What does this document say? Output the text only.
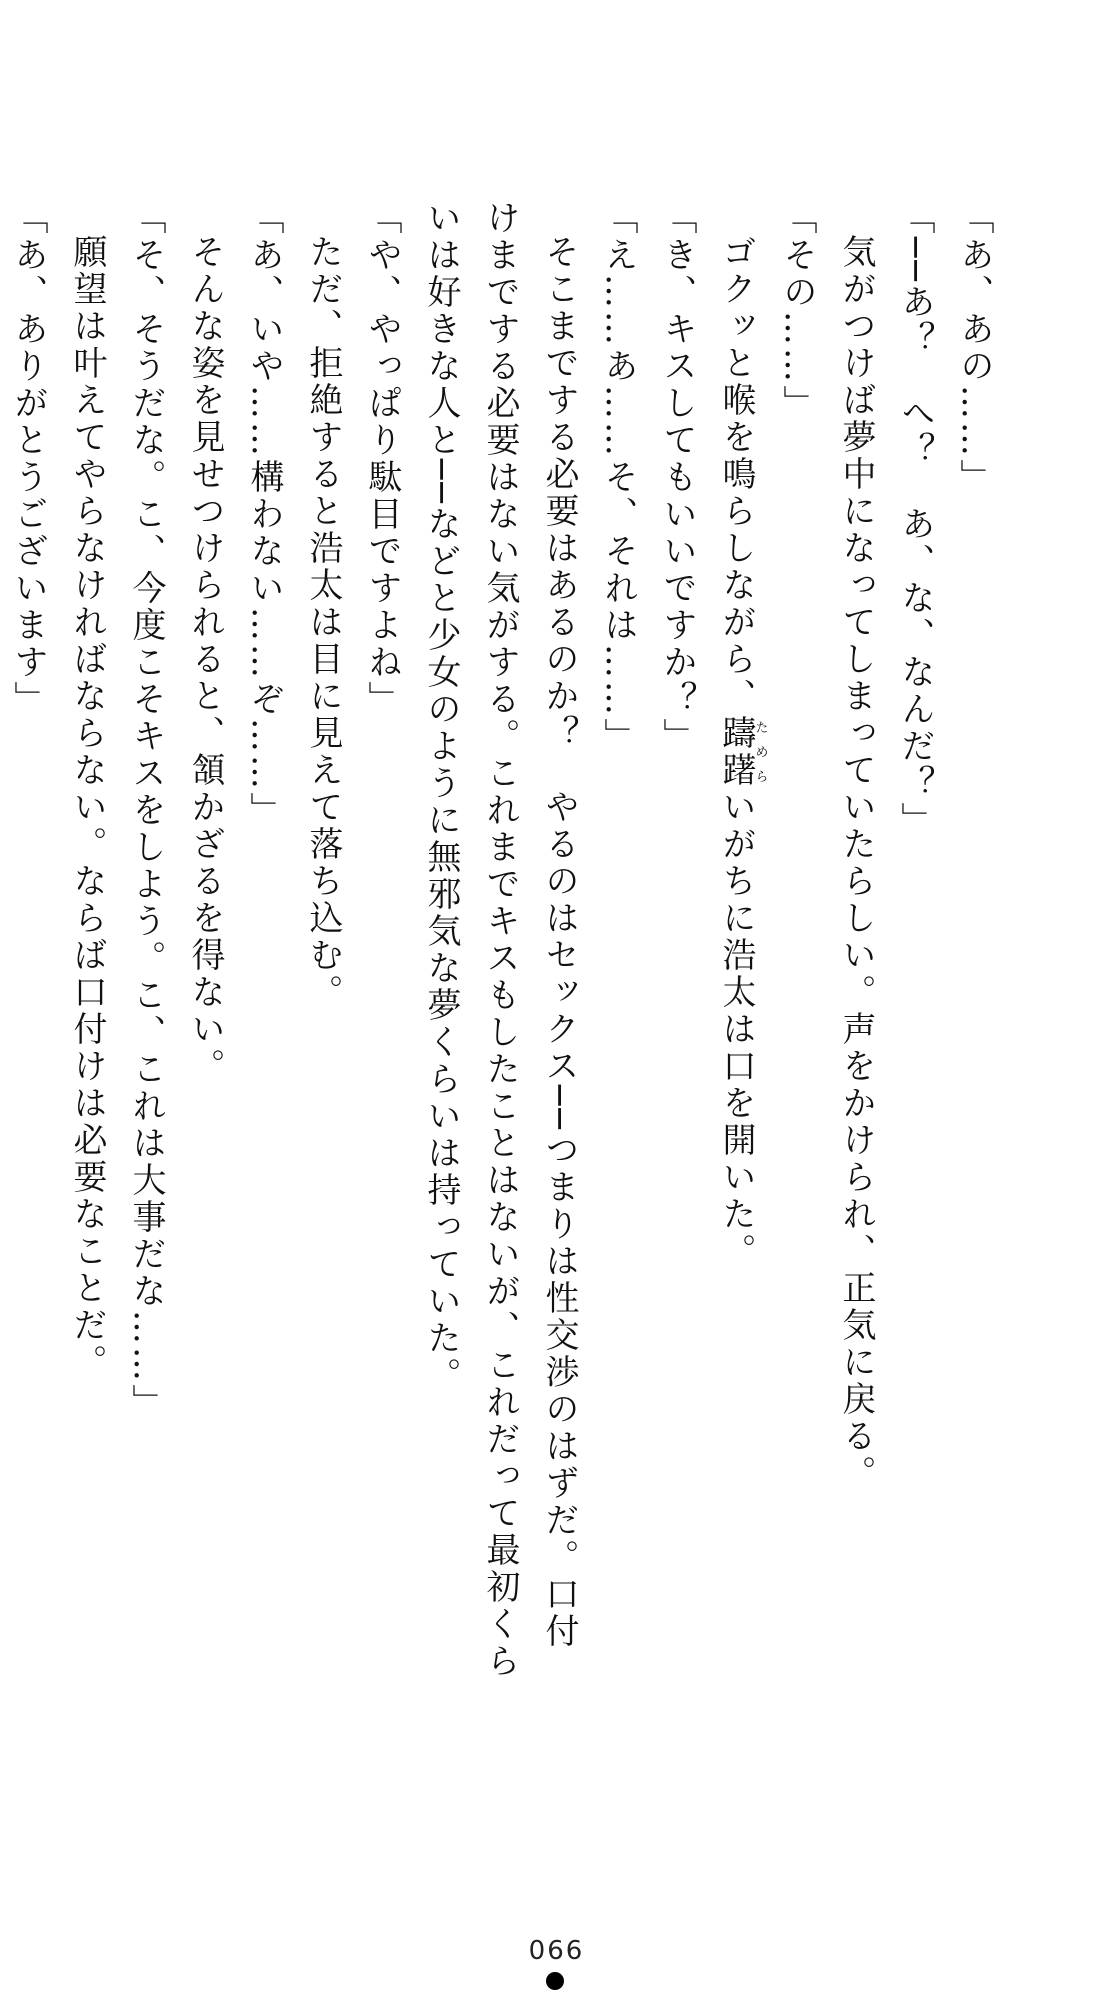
「あ、あの……」
「──あ？　へ？　あ、な、なんだ？」
気がつけば夢中になってしまっていたらしい。声をかけられ、正気に戻る。
「その……」
ゴクッと喉を鳴らしながら、躊躇ためらいがちに浩太は口を開いた。
「き、キスしてもいいですか？」
「え……あ……そ、それは……」
そこまでする必要はあるのか？　やるのはセックス──つまりは性交渉のはずだ。口付
けまでする必要はない気がする。これまでキスもしたことはないが、これだって最初くら
いは好きな人と──などと少女のように無邪気な夢くらいは持っていた。
「や、やっぱり駄目ですよね」
ただ、拒絶すると浩太は目に見えて落ち込む。
「あ、いや……構わない……ぞ……」
そんな姿を見せつけられると、頷かざるを得ない。
「そ、そうだな。こ、今度こそキスをしよう。こ、これは大事だな……」
願望は叶えてやらなければならない。ならば口付けは必要なことだ。
「あ、ありがとうございます」
066
